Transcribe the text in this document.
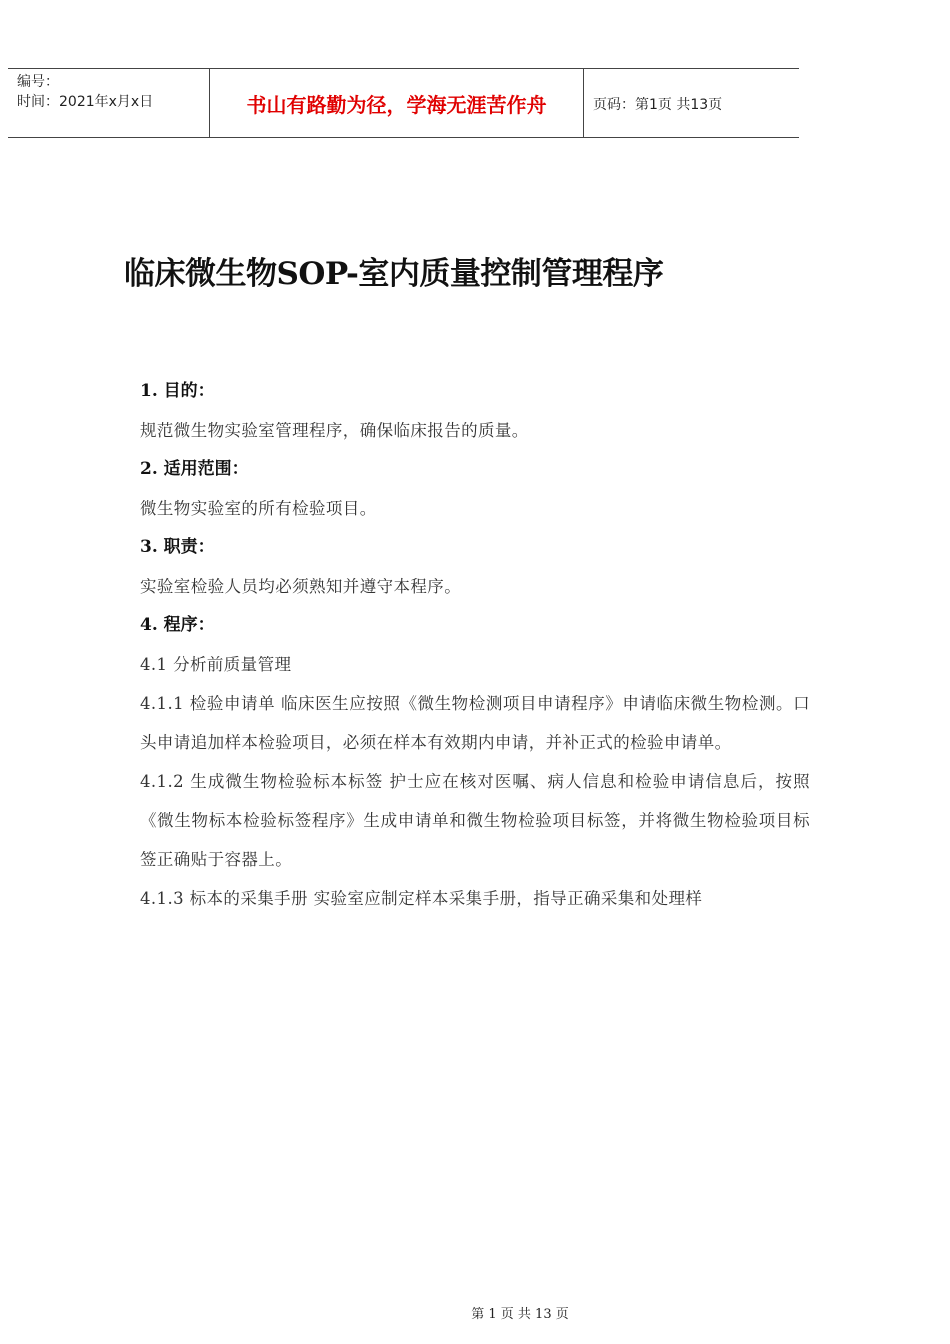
编号：
时间：2021年x月x日	书山有路勤为径，学海无涯苦作舟	页码：第1页 共13页
临床微生物SOP-室内质量控制管理程序

1. 目的：

规范微生物实验室管理程序，确保临床报告的质量。

2. 适用范围：

微生物实验室的所有检验项目。

3. 职责：

实验室检验人员均必须熟知并遵守本程序。

4. 程序：

4.1 分析前质量管理

4.1.1 检验申请单 临床医生应按照《微生物检测项目申请程序》申请临床微生物检测。口头申请追加样本检验项目，必须在样本有效期内申请，并补正式的检验申请单。

4.1.2 生成微生物检验标本标签 护士应在核对医嘱、病人信息和检验申请信息后，按照《微生物标本检验标签程序》生成申请单和微生物检验项目标签，并将微生物检验项目标签正确贴于容器上。

4.1.3 标本的采集手册 实验室应制定样本采集手册，指导正确采集和处理样

第 1 页 共 13 页
